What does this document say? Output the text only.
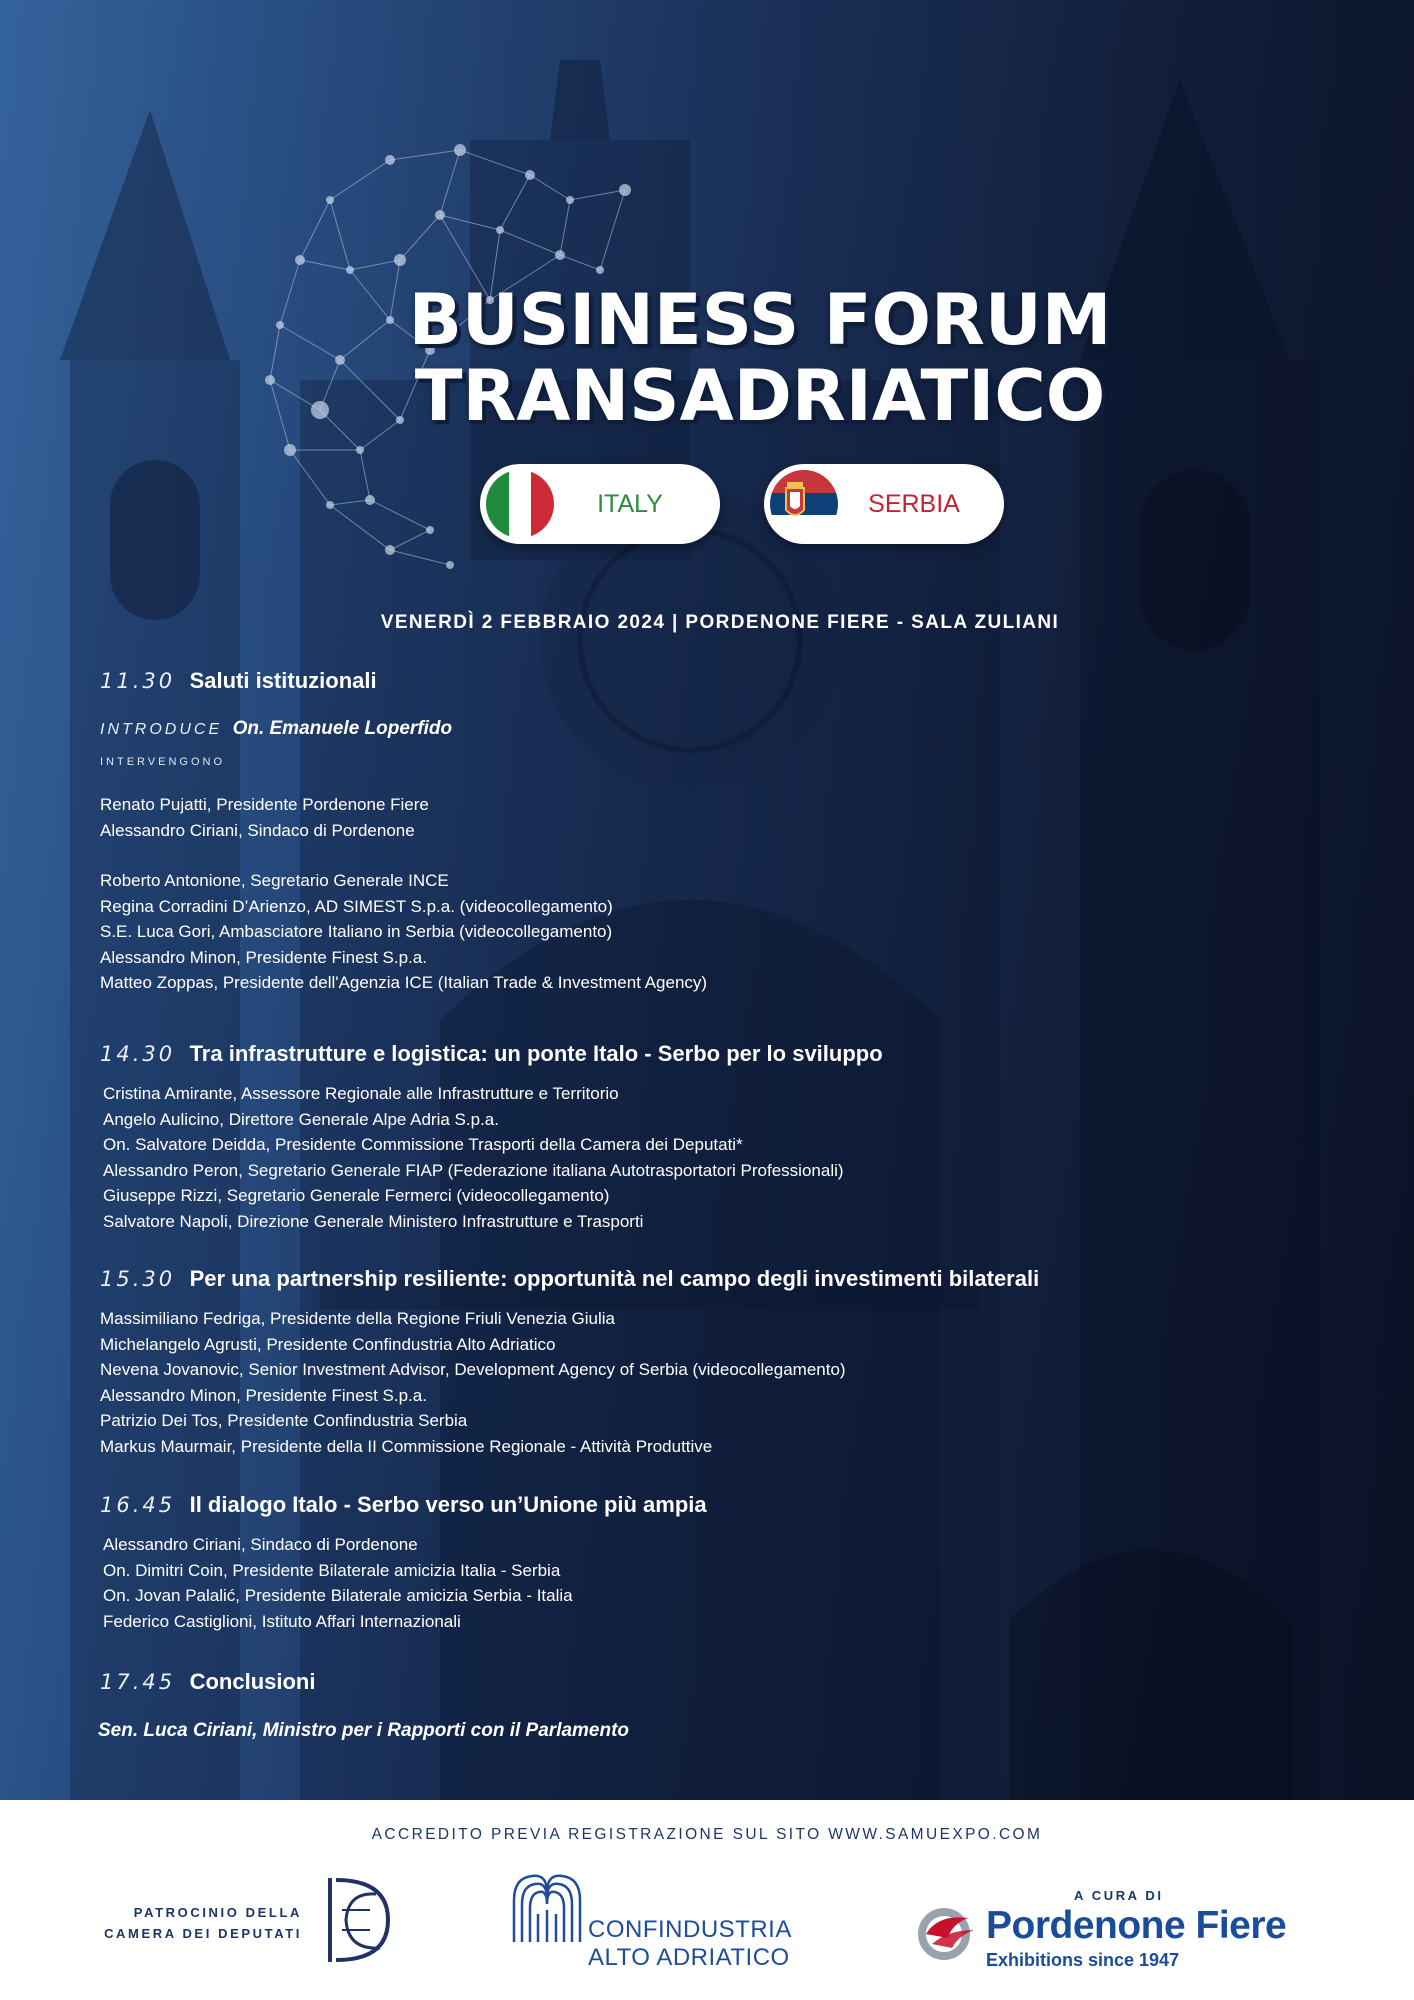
BUSINESS FORUM
TRANSADRIATICO
ITALY	SERBIA
VENERDÌ 2 FEBBRAIO 2024 | PORDENONE FIERE - SALA ZULIANI
11.30 Saluti istituzionali
INTRODUCE On. Emanuele Loperfido
INTERVENGONO
Renato Pujatti, Presidente Pordenone Fiere
Alessandro Ciriani, Sindaco di Pordenone
Roberto Antonione, Segretario Generale INCE
Regina Corradini D’Arienzo, AD SIMEST S.p.a. (videocollegamento)
S.E. Luca Gori, Ambasciatore Italiano in Serbia (videocollegamento)
Alessandro Minon, Presidente Finest S.p.a.
Matteo Zoppas, Presidente dell'Agenzia ICE (Italian Trade & Investment Agency)
14.30 Tra infrastrutture e logistica: un ponte Italo - Serbo per lo sviluppo
Cristina Amirante, Assessore Regionale alle Infrastrutture e Territorio
Angelo Aulicino, Direttore Generale Alpe Adria S.p.a.
On. Salvatore Deidda, Presidente Commissione Trasporti della Camera dei Deputati*
Alessandro Peron, Segretario Generale FIAP (Federazione italiana Autotrasportatori Professionali)
Giuseppe Rizzi, Segretario Generale Fermerci (videocollegamento)
Salvatore Napoli, Direzione Generale Ministero Infrastrutture e Trasporti
15.30 Per una partnership resiliente: opportunità nel campo degli investimenti bilaterali
Massimiliano Fedriga, Presidente della Regione Friuli Venezia Giulia
Michelangelo Agrusti, Presidente Confindustria Alto Adriatico
Nevena Jovanovic, Senior Investment Advisor, Development Agency of Serbia (videocollegamento)
Alessandro Minon, Presidente Finest S.p.a.
Patrizio Dei Tos, Presidente Confindustria Serbia
Markus Maurmair, Presidente della II Commissione Regionale - Attività Produttive
16.45 Il dialogo Italo - Serbo verso un’Unione più ampia
Alessandro Ciriani, Sindaco di Pordenone
On. Dimitri Coin, Presidente Bilaterale amicizia Italia - Serbia
On. Jovan Palalić, Presidente Bilaterale amicizia Serbia - Italia
Federico Castiglioni, Istituto Affari Internazionali
17.45 Conclusioni
Sen. Luca Ciriani, Ministro per i Rapporti con il Parlamento
ACCREDITO PREVIA REGISTRAZIONE SUL SITO WWW.SAMUEXPO.COM
PATROCINIO DELLA
CAMERA DEI DEPUTATI	CONFINDUSTRIA
ALTO ADRIATICO
A CURA DI
Pordenone Fiere
Exhibitions since 1947
